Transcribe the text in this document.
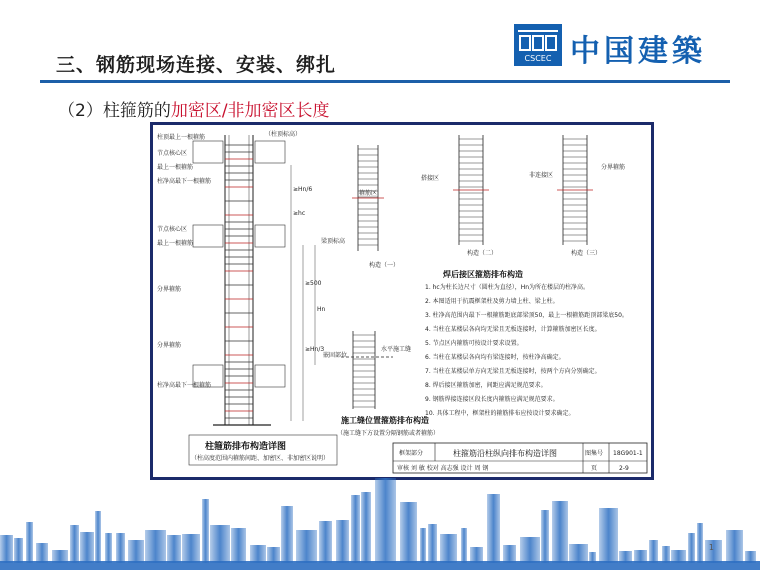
三、钢筋现场连接、安装、绑扎	CSCEC 中国建築
（2）柱箍筋的加密区/非加密区长度
柱顶最上一根箍筋	（柱顶标高）
节点核心区
最上一根箍筋
柱净高最下一根箍筋
节点核心区
最上一根箍筋
分界箍筋
分界箍筋
柱净高最下一根箍筋
≥Hn/6
≥hc
≥500
Hn
≥Hn/3
梁顶标高
嵌固部位
柱箍筋排布构造详图
（柱高度范围内箍筋间距、加密区、非加密区说明）
构造（一）
构造（二）	构造（三）
搭接区
箍筋区
非连接区
分界箍筋
焊后接区箍筋排布构造
1. hc为柱长边尺寸（圆柱为直径），Hn为所在楼层的柱净高。
2. 本图适用于抗震框架柱及剪力墙上柱、梁上柱。
3. 柱净高范围内最下一根箍筋距底部梁顶50，最上一根箍筋距顶部梁底50。
4. 当柱在某楼层各向均无梁且无板连接时，计算箍筋加密区长度。
5. 节点区内箍筋可按设计要求设置。
6. 当柱在某楼层各向均有梁连接时，按柱净高确定。
7. 当柱在某楼层单方向无梁且无板连接时，按两个方向分别确定。
8. 焊后接区箍筋加密，间距应满足规范要求。
9. 钢筋焊接连接区段长度内箍筋应满足规范要求。
10. 具体工程中，框架柱的箍筋排布应按设计要求确定。
水平施工缝
施工缝位置箍筋排布构造
（施工缝下方设置分隔钢筋或者箍筋）
框架部分	柱箍筋沿柱纵向排布构造详图	图集号 18G901-1
页	2-9
审核 刘 敏 校对 高志强 设计 周 钢
1
